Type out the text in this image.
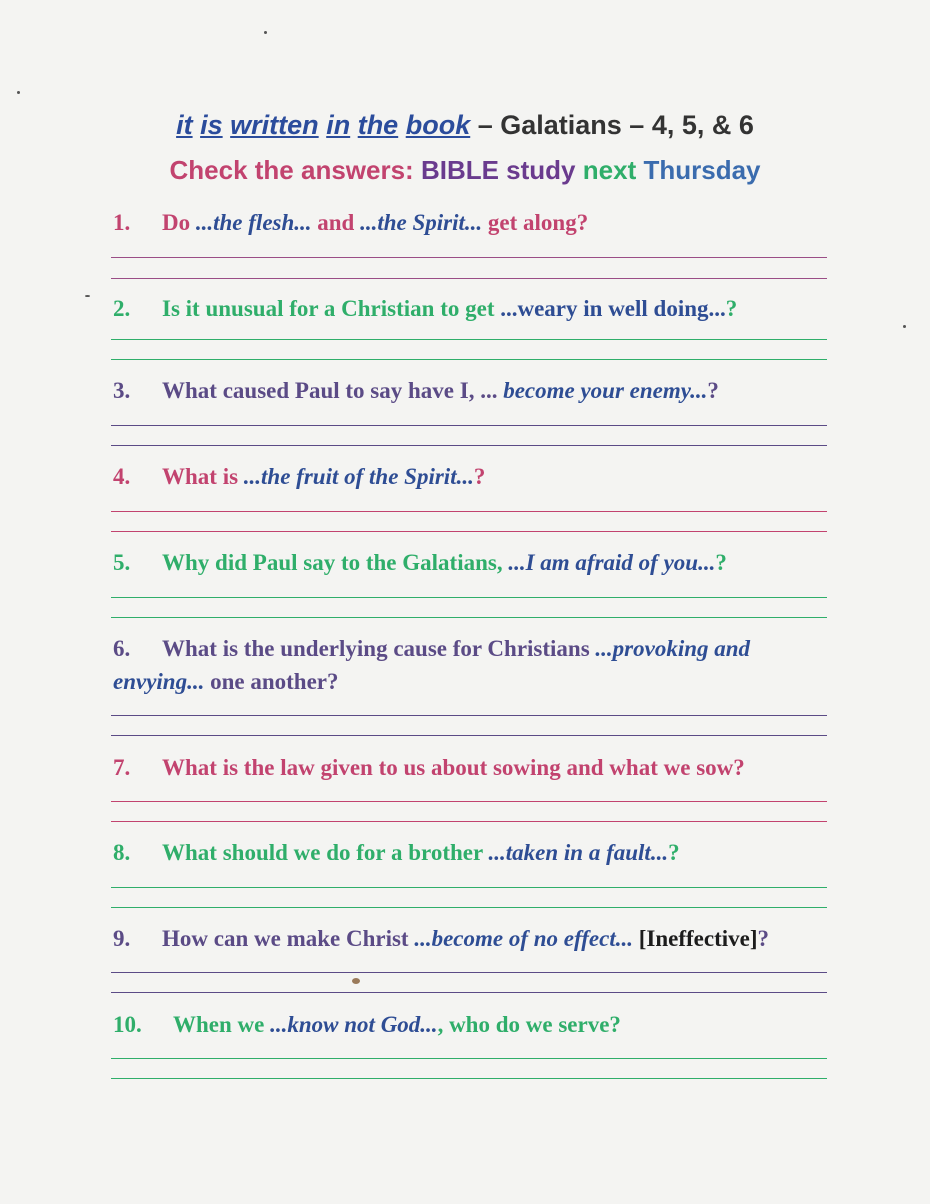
it is written in the book – Galatians – 4, 5, & 6
Check the answers: BIBLE study next Thursday
1. Do ...the flesh... and ...the Spirit... get along?
2. Is it unusual for a Christian to get ...weary in well doing...?
3. What caused Paul to say have I, ... become your enemy...?
4. What is ...the fruit of the Spirit...?
5. Why did Paul say to the Galatians, ...I am afraid of you...?
6. What is the underlying cause for Christians ...provoking and
envying... one another?
7. What is the law given to us about sowing and what we sow?
8. What should we do for a brother ...taken in a fault...?
9. How can we make Christ ...become of no effect... [Ineffective]?
10. When we ...know not God..., who do we serve?
